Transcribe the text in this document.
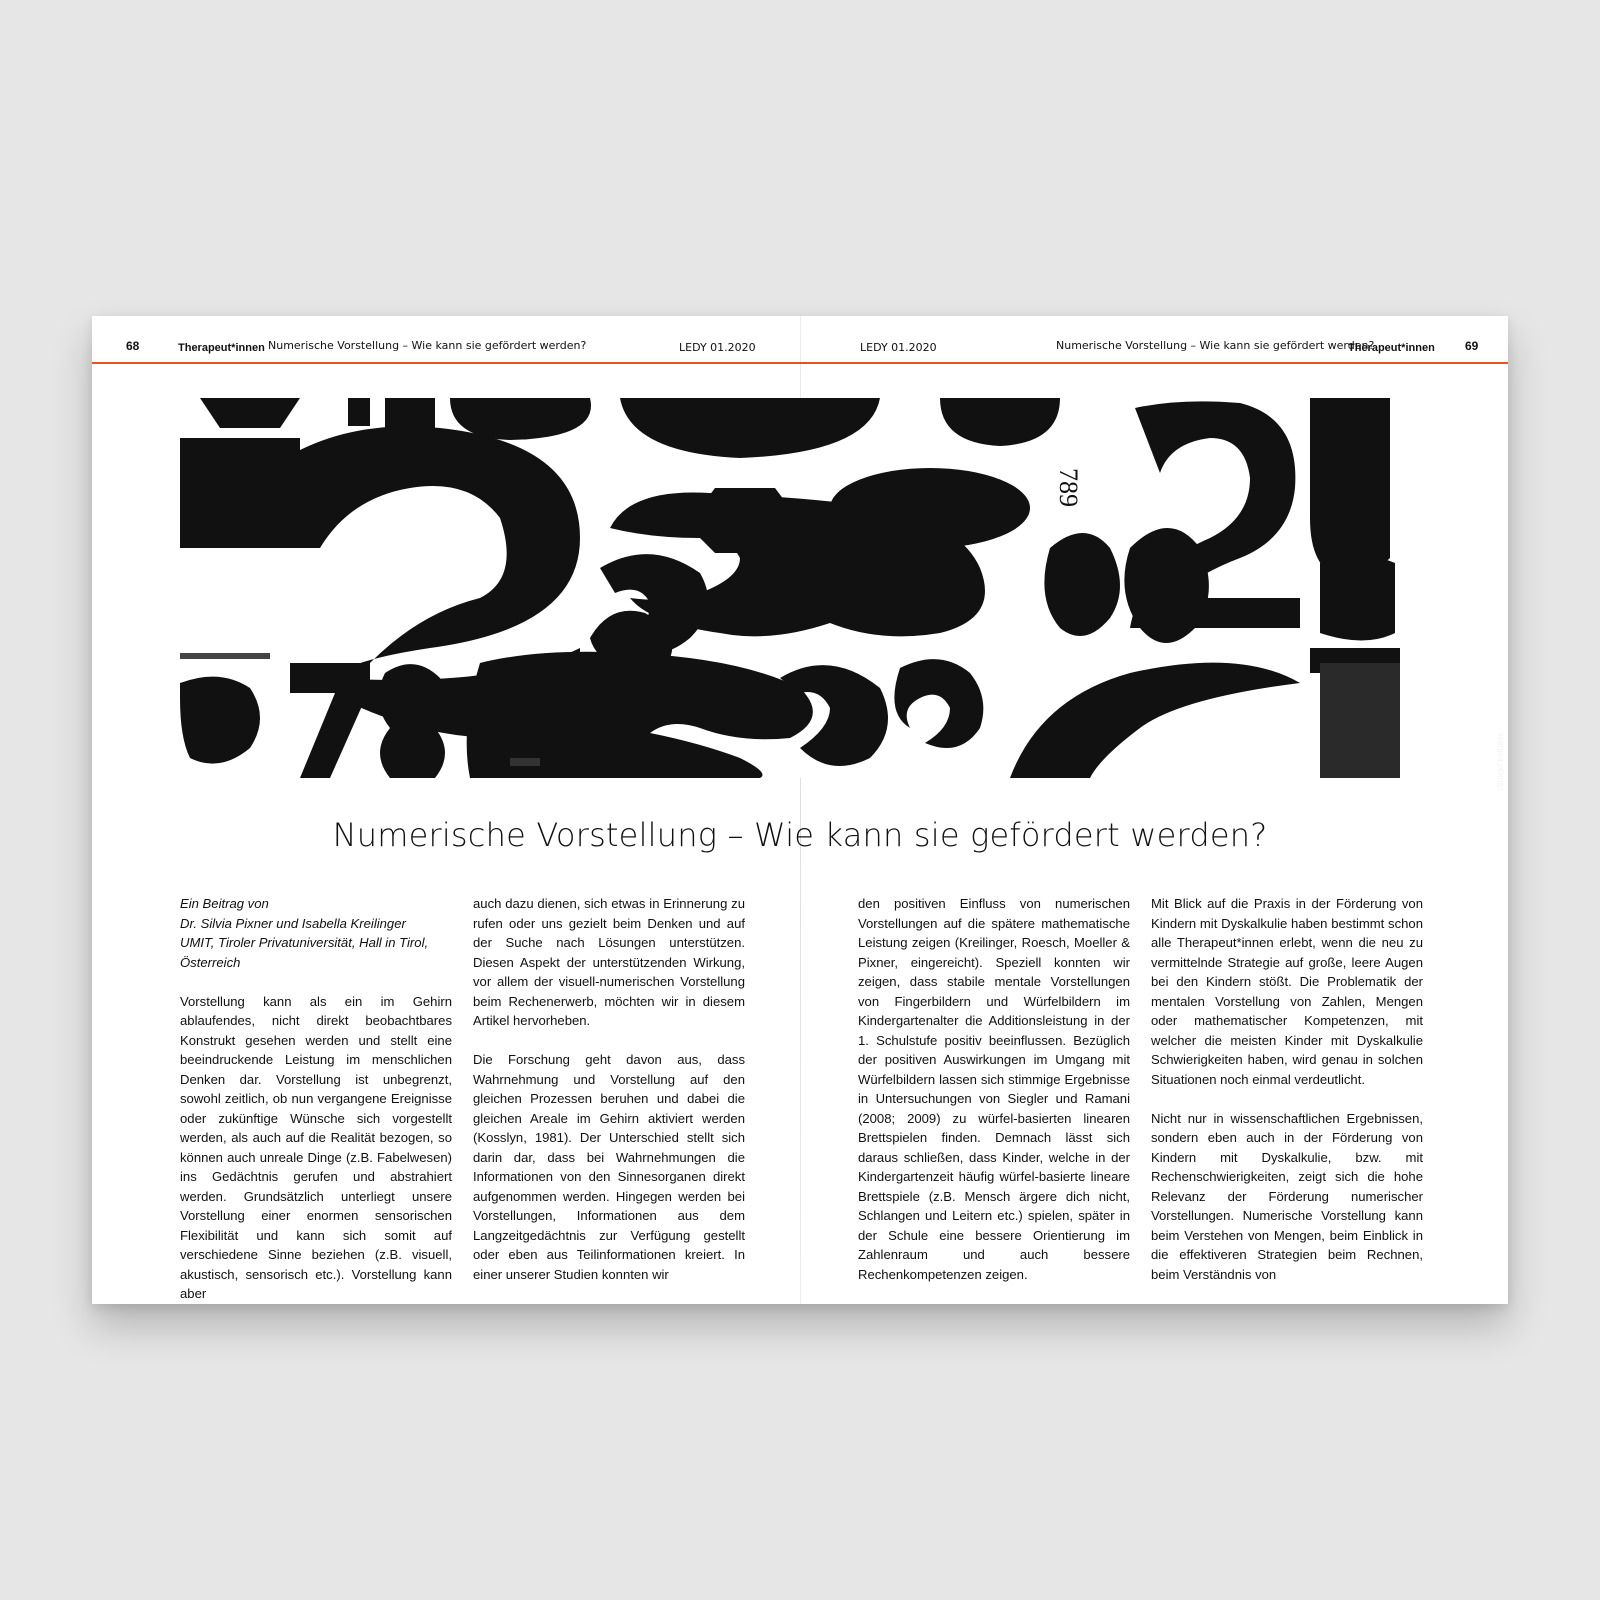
68	Therapeut*innen Numerische Vorstellung – Wie kann sie gefördert werden?	LEDY 01.2020	LEDY 01.2020	Numerische Vorstellung – Wie kann sie gefördert werden?
Therapeut*innen	69
789
iStock/ kolbass
Numerische Vorstellung – Wie kann sie gefördert werden?

Ein Beitrag von
Dr. Silvia Pixner und Isabella Kreilinger
UMIT, Tiroler Privatuniversität, Hall in Tirol,
Österreich

Vorstellung kann als ein im Gehirn ablaufendes, nicht direkt beobachtbares Konstrukt gesehen werden und stellt eine beeindruckende Leistung im menschlichen Denken dar. Vorstellung ist unbegrenzt, sowohl zeitlich, ob nun vergangene Ereignisse oder zukünftige Wünsche sich vorgestellt werden, als auch auf die Realität bezogen, so können auch unreale Dinge (z.B. Fabelwesen) ins Gedächtnis gerufen und abstrahiert werden. Grundsätzlich unterliegt unsere Vorstellung einer enormen sensorischen Flexibilität und kann sich somit auf verschiedene Sinne beziehen (z.B. visuell, akustisch, sensorisch etc.). Vorstellung kann aber

auch dazu dienen, sich etwas in Erinnerung zu rufen oder uns gezielt beim Denken und auf der Suche nach Lösungen unterstützen. Diesen Aspekt der unterstützenden Wirkung, vor allem der visuell-numerischen Vorstellung beim Rechenerwerb, möchten wir in diesem Artikel hervorheben.

Die Forschung geht davon aus, dass Wahrnehmung und Vorstellung auf den gleichen Prozessen beruhen und dabei die gleichen Areale im Gehirn aktiviert werden (Kosslyn, 1981). Der Unterschied stellt sich darin dar, dass bei Wahrnehmungen die Informationen von den Sinnesorganen direkt aufgenommen werden. Hingegen werden bei Vorstellungen, Informationen aus dem Langzeitgedächtnis zur Verfügung gestellt oder eben aus Teilinformationen kreiert. In einer unserer Studien konnten wir

den positiven Einfluss von numerischen Vorstellungen auf die spätere mathematische Leistung zeigen (Kreilinger, Roesch, Moeller & Pixner, eingereicht). Speziell konnten wir zeigen, dass stabile mentale Vorstellungen von Fingerbildern und Würfelbildern im Kindergartenalter die Additionsleistung in der 1. Schulstufe positiv beeinflussen. Bezüglich der positiven Auswirkungen im Umgang mit Würfelbildern lassen sich stimmige Ergebnisse in Untersuchungen von Siegler und Ramani (2008; 2009) zu würfel-basierten linearen Brettspielen finden. Demnach lässt sich daraus schließen, dass Kinder, welche in der Kindergartenzeit häufig würfel-basierte lineare Brettspiele (z.B. Mensch ärgere dich nicht, Schlangen und Leitern etc.) spielen, später in der Schule eine bessere Orientierung im Zahlenraum und auch bessere Rechenkompetenzen zeigen.

Mit Blick auf die Praxis in der Förderung von Kindern mit Dyskalkulie haben bestimmt schon alle Therapeut*innen erlebt, wenn die neu zu vermittelnde Strategie auf große, leere Augen bei den Kindern stößt. Die Problematik der mentalen Vorstellung von Zahlen, Mengen oder mathematischer Kompetenzen, mit welcher die meisten Kinder mit Dyskalkulie Schwierigkeiten haben, wird genau in solchen Situationen noch einmal verdeutlicht.

Nicht nur in wissenschaftlichen Ergebnissen, sondern eben auch in der Förderung von Kindern mit Dyskalkulie, bzw. mit Rechenschwierigkeiten, zeigt sich die hohe Relevanz der Förderung numerischer Vorstellungen. Numerische Vorstellung kann beim Verstehen von Mengen, beim Einblick in die effektiveren Strategien beim Rechnen, beim Verständnis von
